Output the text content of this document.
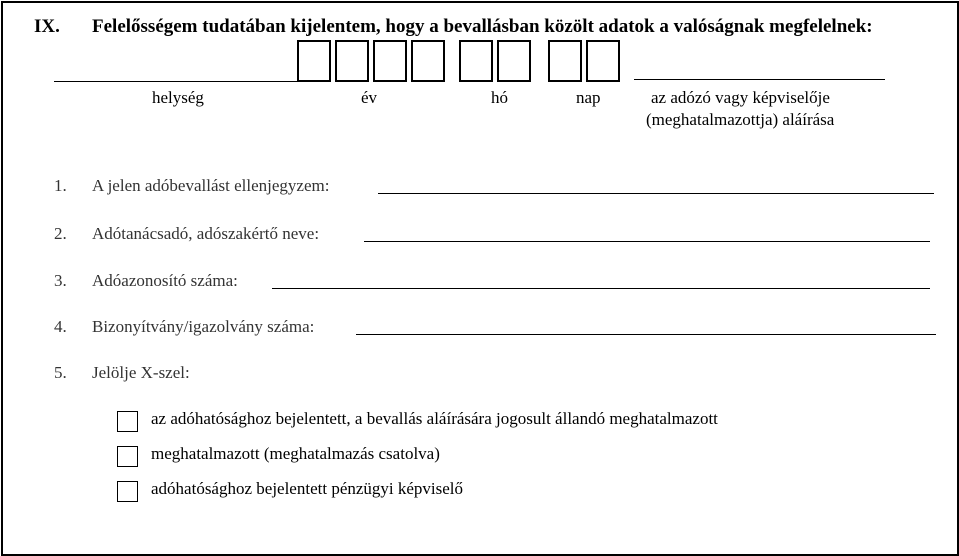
IX. Felelősségem tudatában kijelentem, hogy a bevallásban közölt adatok a valóságnak megfelelnek:
helység	év	hó	nap	az adózó vagy képviselője
(meghatalmazottja) aláírása
1. A jelen adóbevallást ellenjegyzem:
2. Adótanácsadó, adószakértő neve:
3. Adóazonosító száma:
4. Bizonyítvány/igazolvány száma:
5. Jelölje X-szel:
az adóhatósághoz bejelentett, a bevallás aláírására jogosult állandó meghatalmazott
meghatalmazott (meghatalmazás csatolva)
adóhatósághoz bejelentett pénzügyi képviselő
